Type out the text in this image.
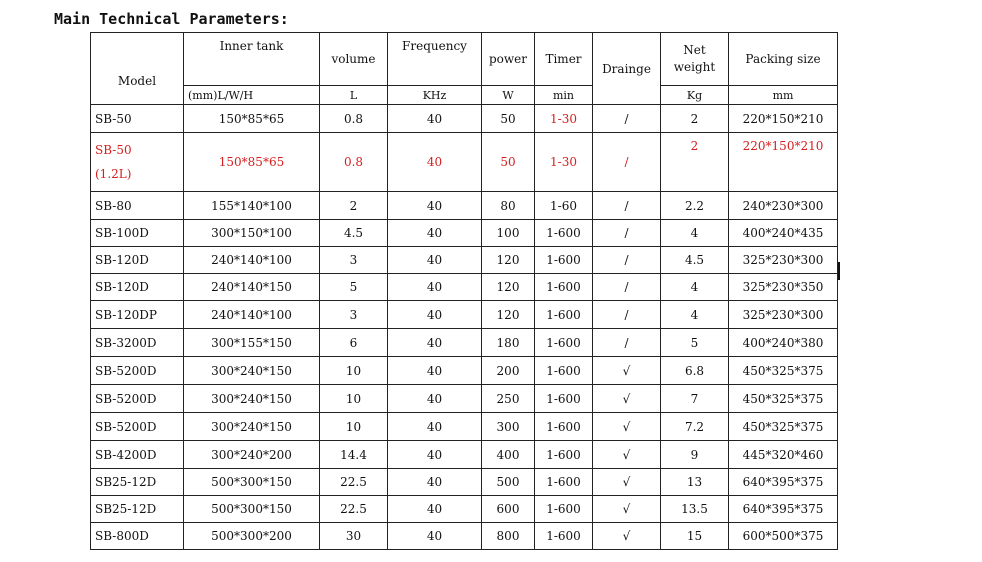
Main Technical Parameters:
Model	Inner tank	volume	Frequency	power	Timer	Drainge	Net weight	Packing size
	(mm)L/W/H	L	KHz	W	min		Kg	mm
SB-50	150*85*65	0.8	40	50	1-30	/	2	220*150*210
SB-50
(1.2L)	150*85*65	0.8	40	50	1-30	/	2	220*150*210
SB-80	155*140*100	2	40	80	1-60	/	2.2	240*230*300
SB-100D	300*150*100	4.5	40	100	1-600	/	4	400*240*435
SB-120D	240*140*100	3	40	120	1-600	/	4.5	325*230*300
SB-120D	240*140*150	5	40	120	1-600	/	4	325*230*350
SB-120DP	240*140*100	3	40	120	1-600	/	4	325*230*300
SB-3200D	300*155*150	6	40	180	1-600	/	5	400*240*380
SB-5200D	300*240*150	10	40	200	1-600	√	6.8	450*325*375
SB-5200D	300*240*150	10	40	250	1-600	√	7	450*325*375
SB-5200D	300*240*150	10	40	300	1-600	√	7.2	450*325*375
SB-4200D	300*240*200	14.4	40	400	1-600	√	9	445*320*460
SB25-12D	500*300*150	22.5	40	500	1-600	√	13	640*395*375
SB25-12D	500*300*150	22.5	40	600	1-600	√	13.5	640*395*375
SB-800D	500*300*200	30	40	800	1-600	√	15	600*500*375
